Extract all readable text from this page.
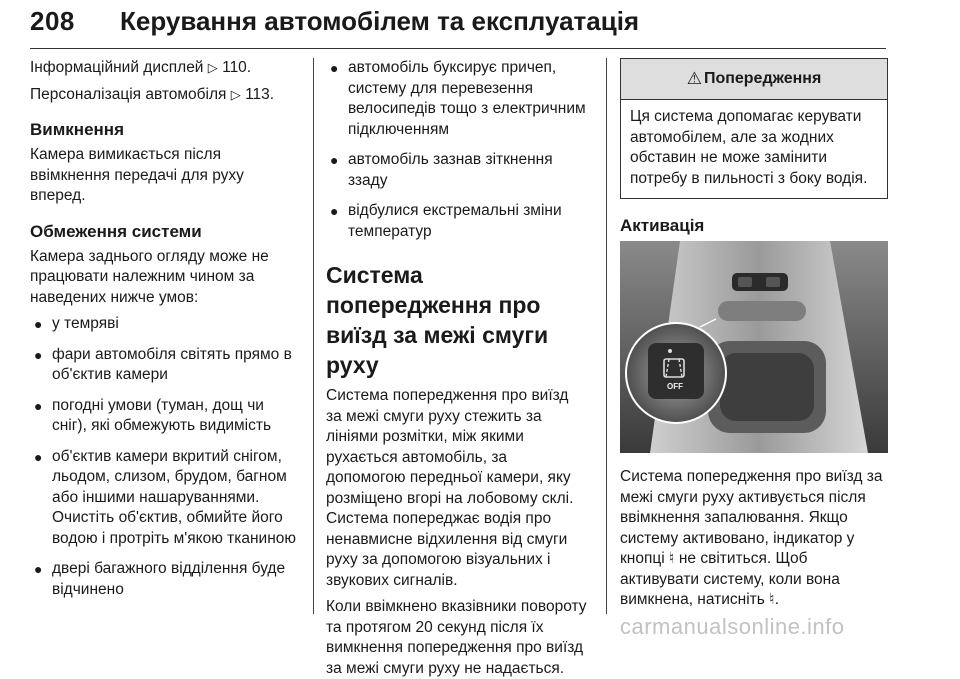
208 Керування автомобілем та експлуатація

Інформаційний дисплей ▷ 110.

Персоналізація автомобіля ▷ 113.

Вимкнення

Камера вимикається після ввімкнення передачі для руху вперед.

Обмеження системи

Камера заднього огляду може не працювати належним чином за наведених нижче умов:

● у темряві
● фари автомобіля світять прямо в об'єктив камери
● погодні умови (туман, дощ чи сніг), які обмежують видимість
● об'єктив камери вкритий снігом, льодом, слизом, брудом, багном або іншими нашаруваннями. Очистіть об'єктив, обмийте його водою і протріть м'якою тканиною
● двері багажного відділення буде відчинено
● автомобіль буксирує причеп, систему для перевезення велосипедів тощо з електричним підключенням
● автомобіль зазнав зіткнення ззаду
● відбулися екстремальні зміни температур
Система попередження про виїзд за межі смуги руху

Система попередження про виїзд за межі смуги руху стежить за лініями розмітки, між якими рухається автомобіль, за допомогою передньої камери, яку розміщено вгорі на лобовому склі. Система попереджає водія про ненавмисне відхилення від смуги руху за допомогою візуальних і звукових сигналів.

Коли ввімкнено вказівники повороту та протягом 20 секунд після їх вимкнення попередження про виїзд за межі смуги руху не надається.

⚠ Попередження
Ця система допомагає керувати автомобілем, але за жодних обставин не може замінити потребу в пильності з боку водія.
Активація
OFF

Система попередження про виїзд за межі смуги руху активується після ввімкнення запалювання. Якщо систему активовано, індикатор у кнопці ♮ не світиться. Щоб активувати систему, коли вона вимкнена, натисніть ♮.

carmanualsonline.info
